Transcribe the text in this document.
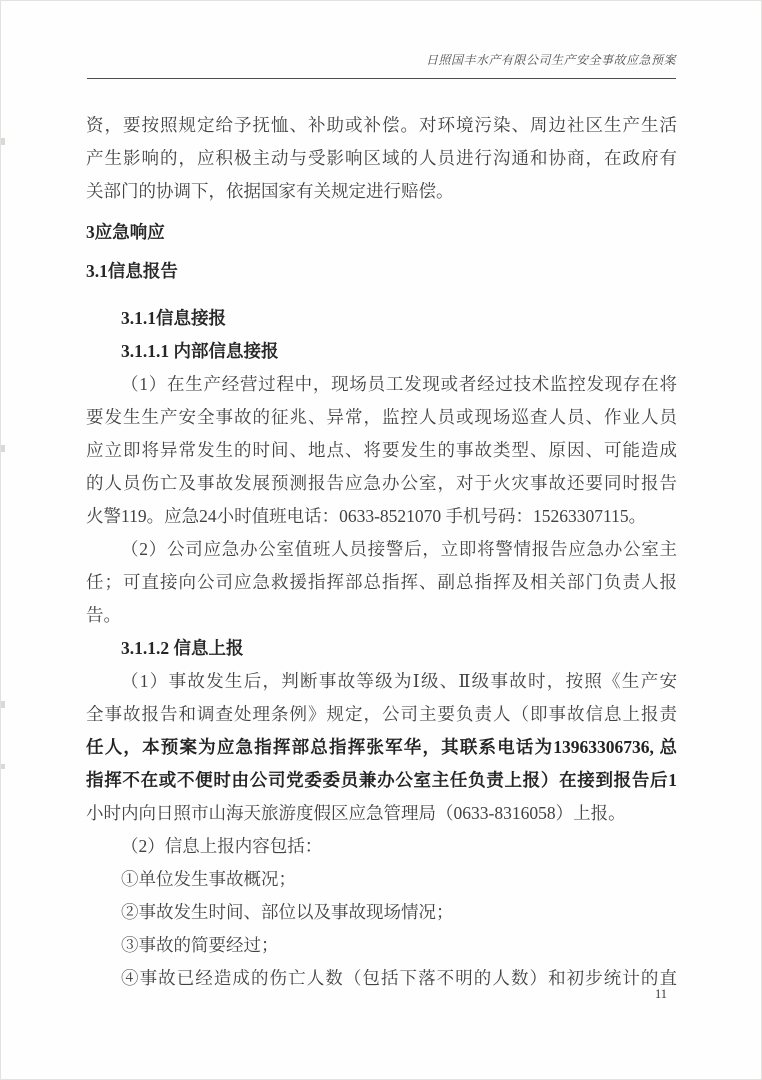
日照国丰水产有限公司生产安全事故应急预案
资，要按照规定给予抚恤、补助或补偿。对环境污染、周边社区生产生活
产生影响的，应积极主动与受影响区域的人员进行沟通和协商，在政府有
关部门的协调下，依据国家有关规定进行赔偿。
3应急响应
3.1信息报告
3.1.1信息接报
3.1.1.1 内部信息接报
（1）在生产经营过程中，现场员工发现或者经过技术监控发现存在将
要发生生产安全事故的征兆、异常，监控人员或现场巡查人员、作业人员
应立即将异常发生的时间、地点、将要发生的事故类型、原因、可能造成
的人员伤亡及事故发展预测报告应急办公室，对于火灾事故还要同时报告
火警119。应急24小时值班电话：0633-8521070 手机号码：15263307115。
（2）公司应急办公室值班人员接警后，立即将警情报告应急办公室主
任；可直接向公司应急救援指挥部总指挥、副总指挥及相关部门负责人报
告。
3.1.1.2 信息上报
（1）事故发生后，判断事故等级为Ⅰ级、Ⅱ级事故时，按照《生产安
全事故报告和调查处理条例》规定，公司主要负责人（即事故信息上报责
任人，本预案为应急指挥部总指挥张军华，其联系电话为13963306736, 总
指挥不在或不便时由公司党委委员兼办公室主任负责上报）在接到报告后1
小时内向日照市山海天旅游度假区应急管理局（0633-8316058）上报。
（2）信息上报内容包括：
①单位发生事故概况；
②事故发生时间、部位以及事故现场情况；
③事故的简要经过；
④事故已经造成的伤亡人数（包括下落不明的人数）和初步统计的直
11
